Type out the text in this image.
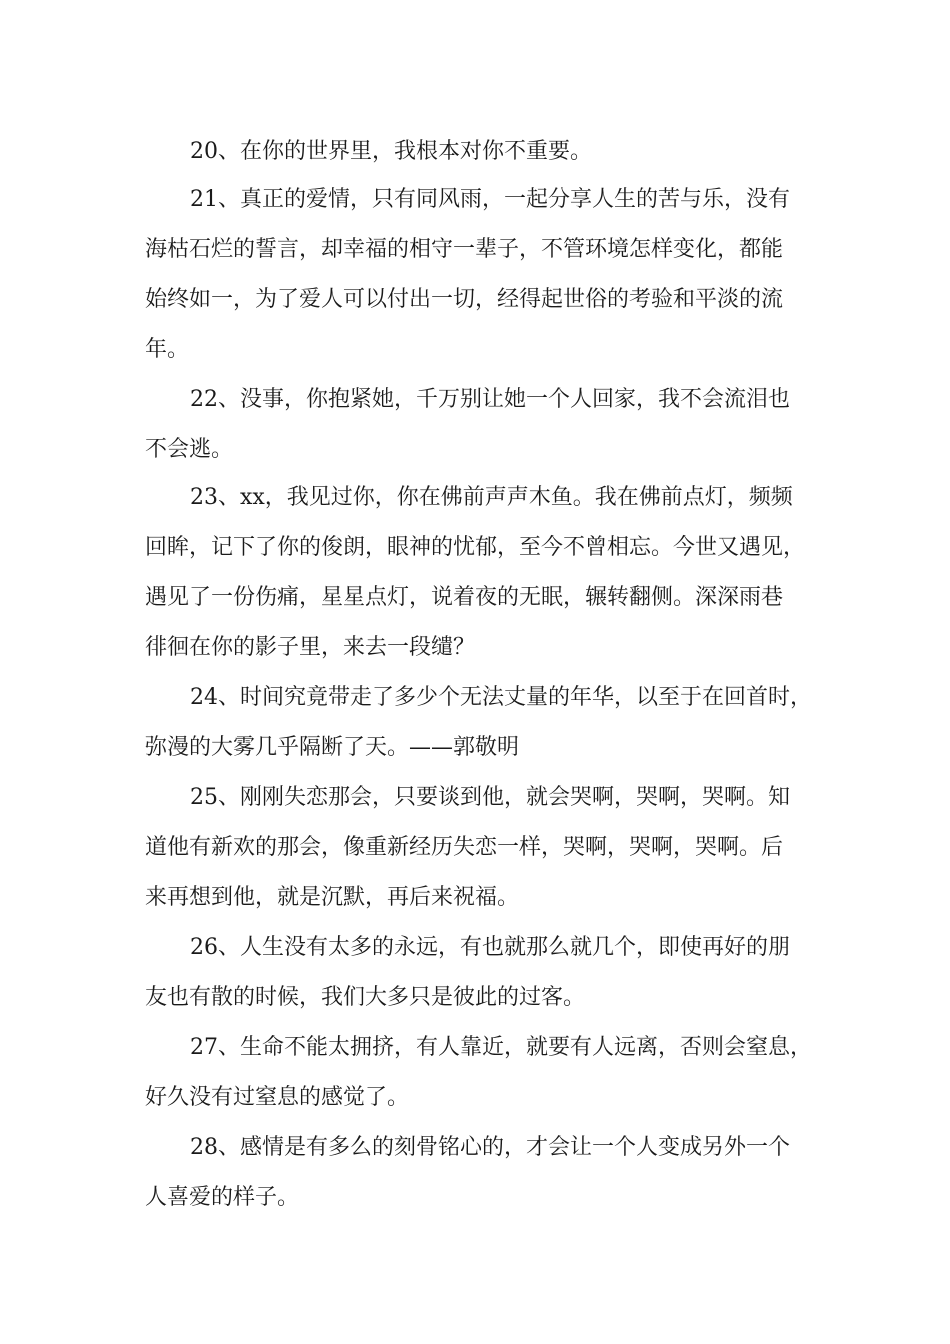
20、在你的世界里，我根本对你不重要。
21、真正的爱情，只有同风雨，一起分享人生的苦与乐，没有
海枯石烂的誓言，却幸福的相守一辈子，不管环境怎样变化，都能
始终如一，为了爱人可以付出一切，经得起世俗的考验和平淡的流
年。
22、没事，你抱紧她，千万别让她一个人回家，我不会流泪也
不会逃。
23、xx，我见过你，你在佛前声声木鱼。我在佛前点灯，频频
回眸，记下了你的俊朗，眼神的忧郁，至今不曾相忘。今世又遇见，
遇见了一份伤痛，星星点灯，说着夜的无眠，辗转翻侧。深深雨巷
徘徊在你的影子里，来去一段缱？
24、时间究竟带走了多少个无法丈量的年华，以至于在回首时，
弥漫的大雾几乎隔断了天。——郭敬明
25、刚刚失恋那会，只要谈到他，就会哭啊，哭啊，哭啊。知
道他有新欢的那会，像重新经历失恋一样，哭啊，哭啊，哭啊。后
来再想到他，就是沉默，再后来祝福。
26、人生没有太多的永远，有也就那么就几个，即使再好的朋
友也有散的时候，我们大多只是彼此的过客。
27、生命不能太拥挤，有人靠近，就要有人远离，否则会窒息，
好久没有过窒息的感觉了。
28、感情是有多么的刻骨铭心的，才会让一个人变成另外一个
人喜爱的样子。
